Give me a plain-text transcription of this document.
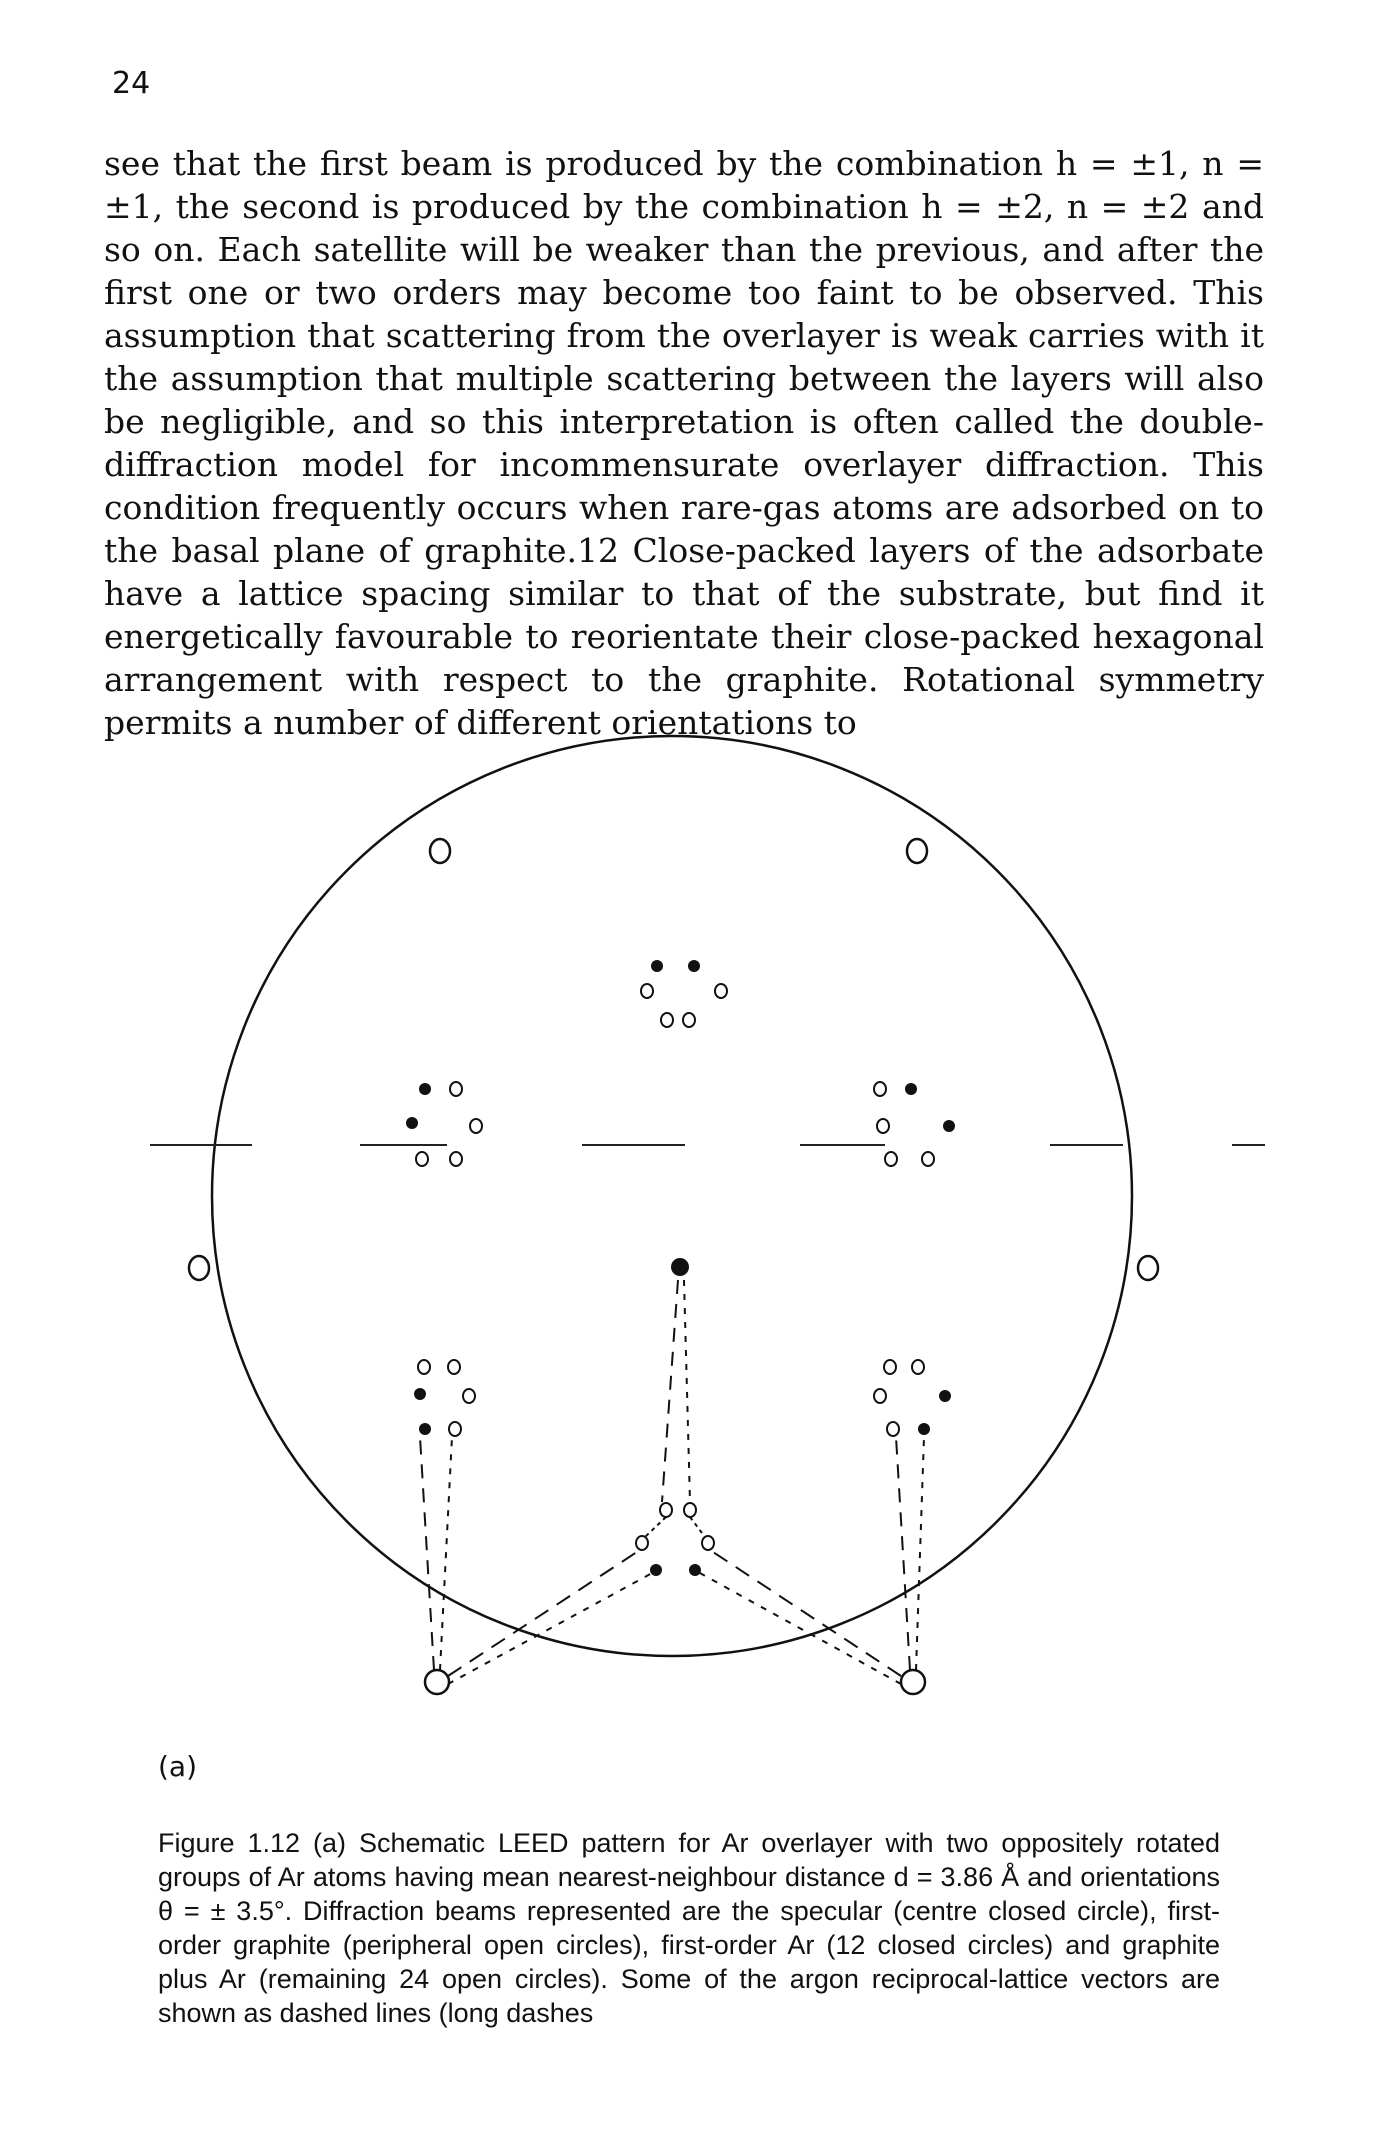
24

see that the first beam is produced by the combination h = ±1, n = ±1, the second is produced by the combination h = ±2, n = ±2 and so on. Each satellite will be weaker than the previous, and after the first one or two orders may become too faint to be observed. This assumption that scattering from the overlayer is weak carries with it the assumption that multiple scattering between the layers will also be negligible, and so this interpretation is often called the double-diffraction model for incommensurate overlayer diffraction. This condition frequently occurs when rare-gas atoms are adsorbed on to the basal plane of graphite.12 Close-packed layers of the adsorbate have a lattice spacing similar to that of the substrate, but find it energetically favourable to reorientate their close-packed hexagonal arrangement with respect to the graphite. Rotational symmetry permits a number of different orientations to

(a)

Figure 1.12 (a) Schematic LEED pattern for Ar overlayer with two oppositely rotated groups of Ar atoms having mean nearest-neighbour distance d = 3.86 Å and orientations θ = ± 3.5°. Diffraction beams represented are the specular (centre closed circle), first-order graphite (peripheral open circles), first-order Ar (12 closed circles) and graphite plus Ar (remaining 24 open circles). Some of the argon reciprocal-lattice vectors are shown as dashed lines (long dashes
